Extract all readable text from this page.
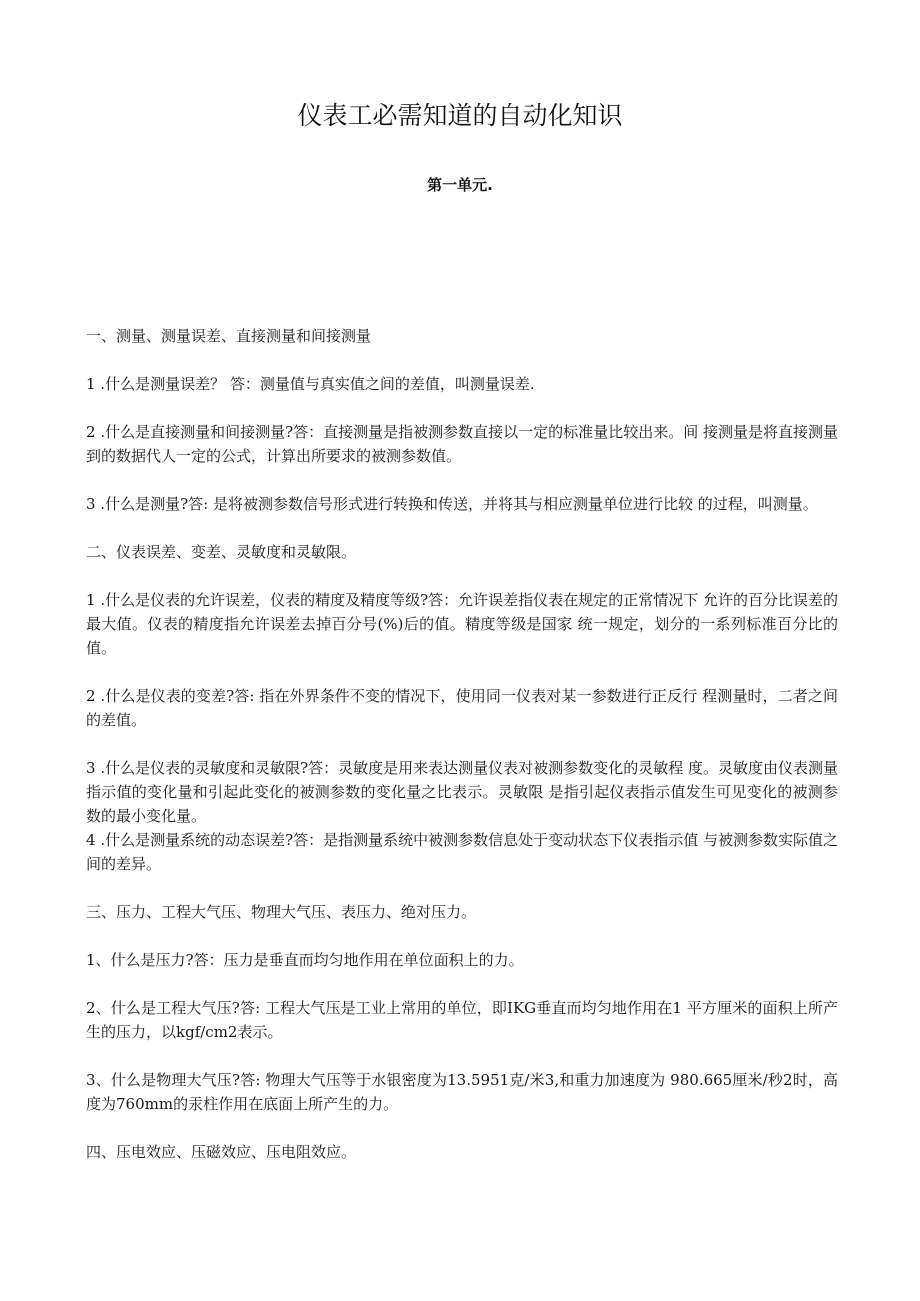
仪表工必需知道的自动化知识
第一单元.

一、测量、测量误差、直接测量和间接测量

1 .什么是测量误差？ 答：测量值与真实值之间的差值，叫测量误差.

2 .什么是直接测量和间接测量?答：直接测量是指被测参数直接以一定的标准量比较出来。间 接测量是将直接测量到的数据代人一定的公式，计算出所要求的被测参数值。

3 .什么是测量?答: 是将被测参数信号形式进行转换和传送，并将其与相应测量单位进行比较 的过程，叫测量。

二、仪表误差、变差、灵敏度和灵敏限。

1 .什么是仪表的允许误差，仪表的精度及精度等级?答：允许误差指仪表在规定的正常情况下 允许的百分比误差的最大值。仪表的精度指允许误差去掉百分号(%)后的值。精度等级是国家 统一规定，划分的一系列标准百分比的值。

2 .什么是仪表的变差?答: 指在外界条件不变的情况下，使用同一仪表对某一参数进行正反行 程测量时，二者之间的差值。

3 .什么是仪表的灵敏度和灵敏限?答：灵敏度是用来表达测量仪表对被测参数变化的灵敏程 度。灵敏度由仪表测量指示值的变化量和引起此变化的被测参数的变化量之比表示。灵敏限 是指引起仪表指示值发生可见变化的被测参数的最小变化量。

4 .什么是测量系统的动态误差?答：是指测量系统中被测参数信息处于变动状态下仪表指示值 与被测参数实际值之间的差异。

三、压力、工程大气压、物理大气压、表压力、绝对压力。

1、什么是压力?答：压力是垂直而均匀地作用在单位面积上的力。

2、什么是工程大气压?答: 工程大气压是工业上常用的单位，即IKG垂直而均匀地作用在1 平方厘米的面积上所产生的压力，以kgf/cm2表示。

3、什么是物理大气压?答: 物理大气压等于水银密度为13.5951克/米3,和重力加速度为 980.665厘米/秒2时，高度为760mm的汞柱作用在底面上所产生的力。

四、压电效应、压磁效应、压电阻效应。
